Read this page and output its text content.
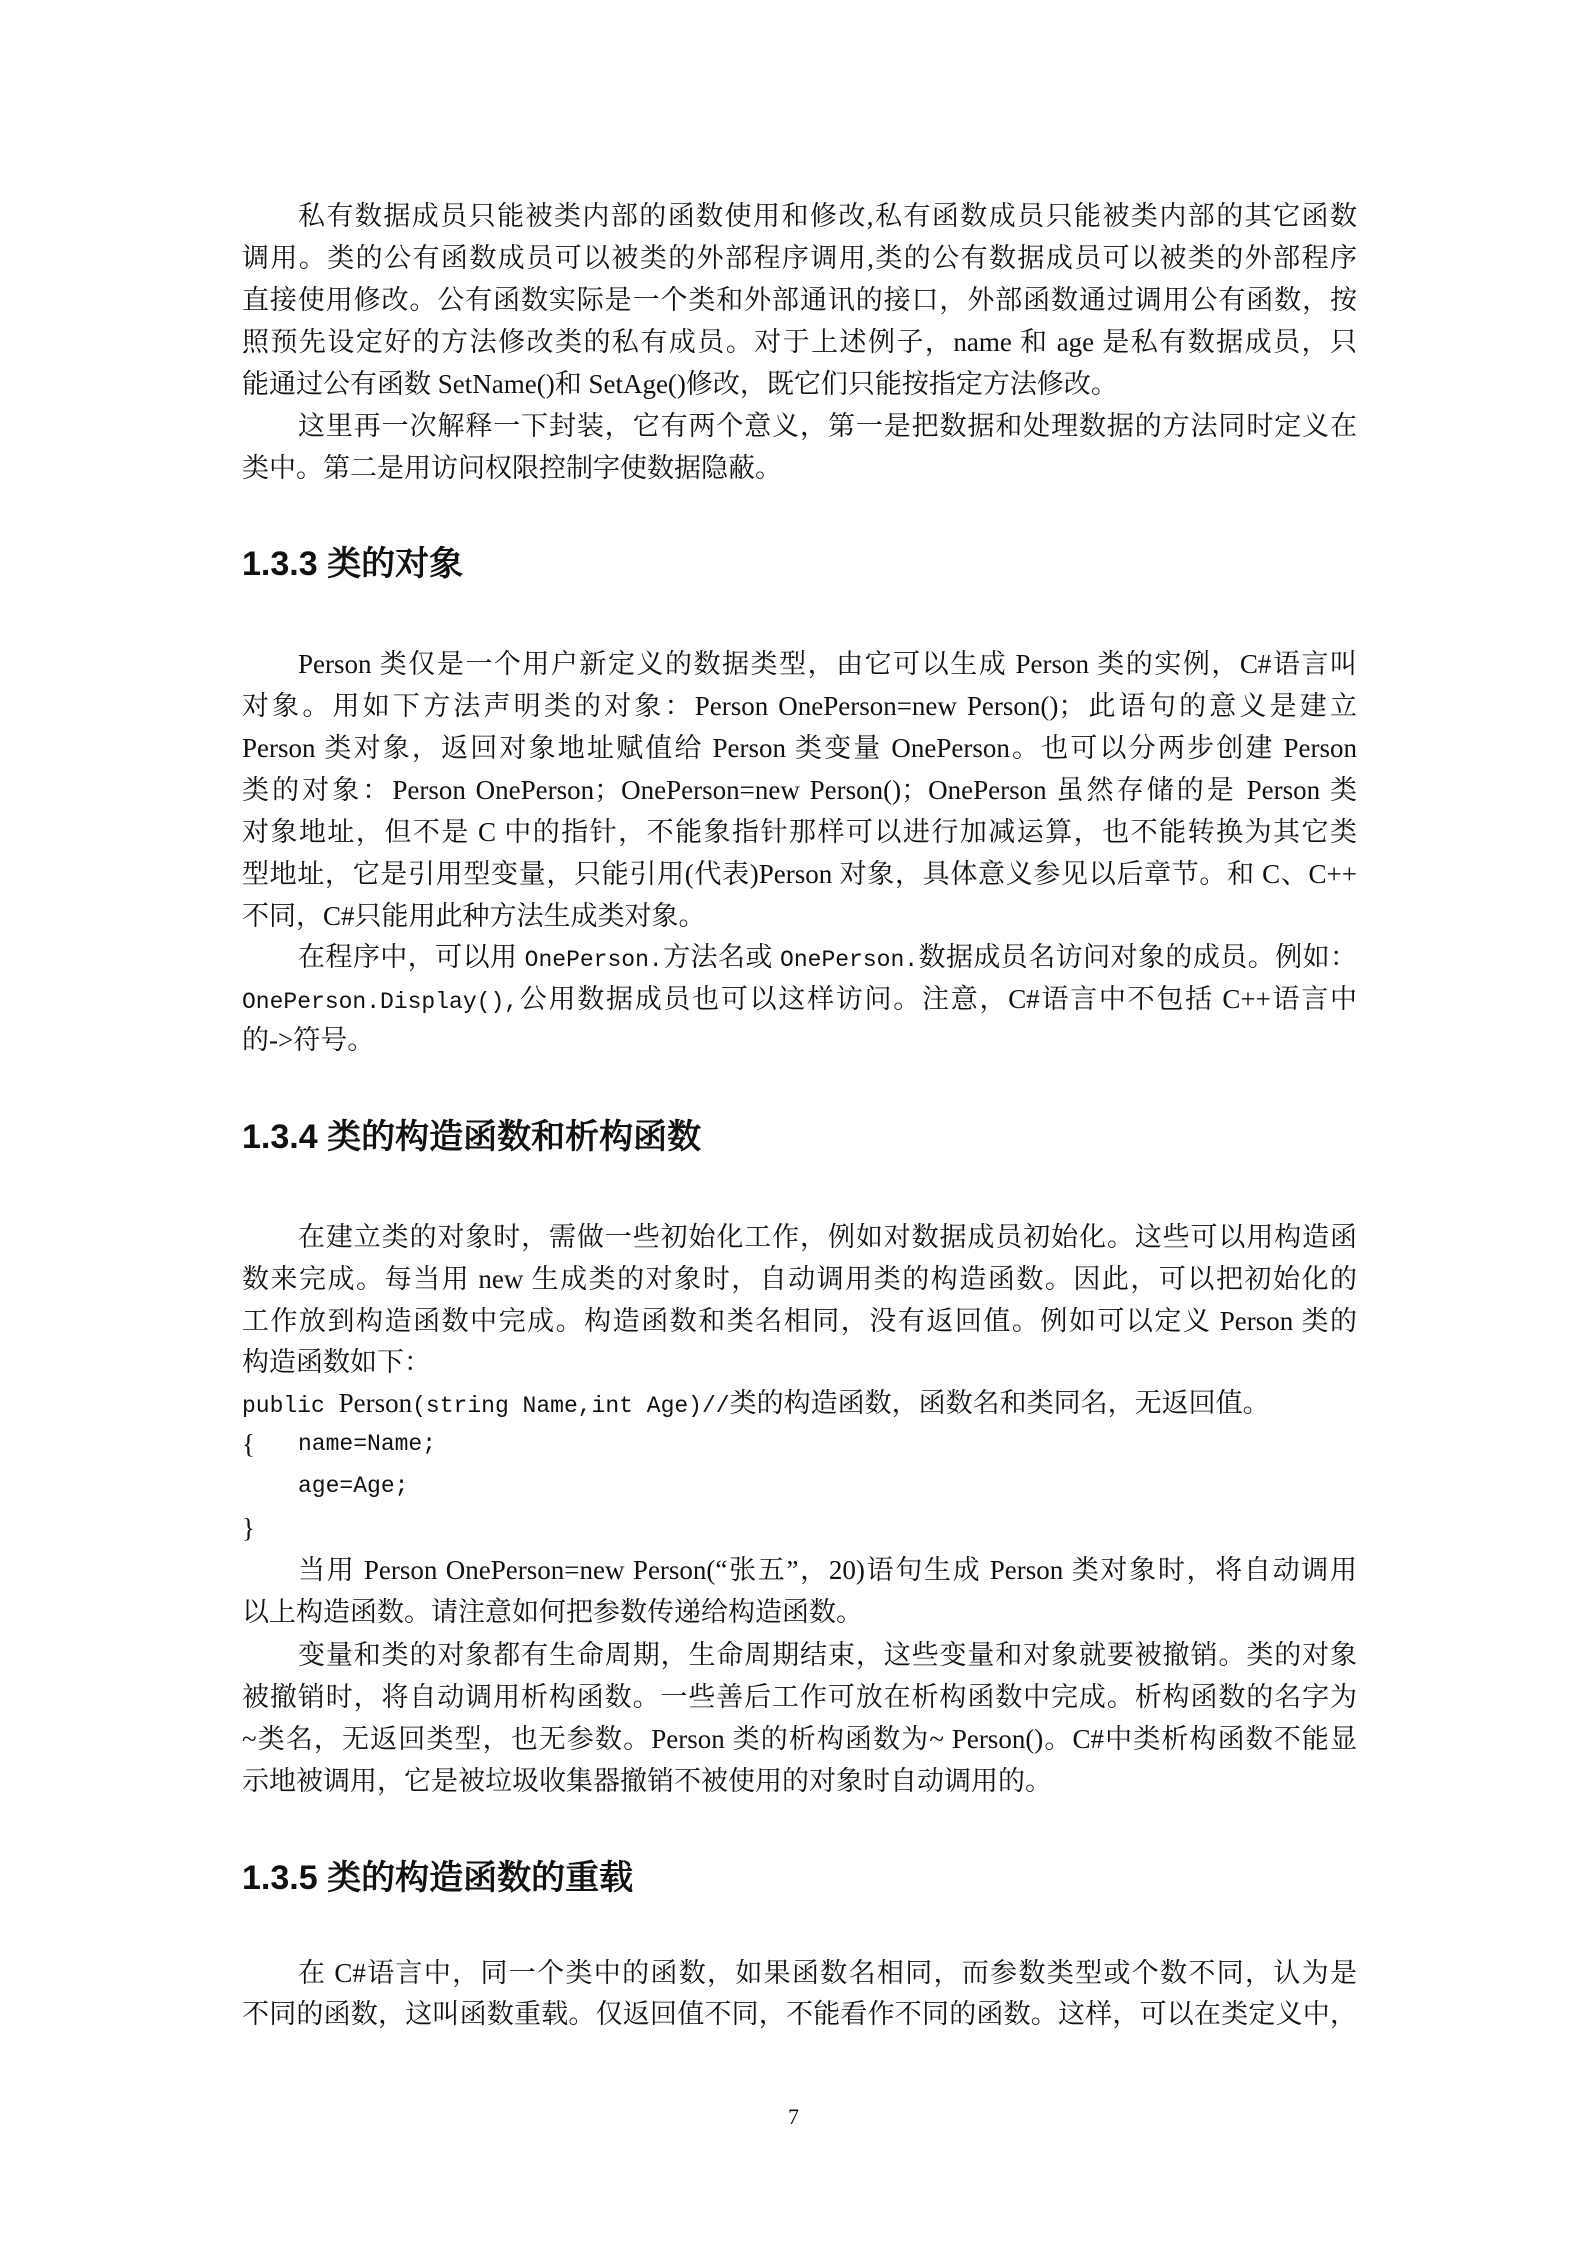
私有数据成员只能被类内部的函数使用和修改,私有函数成员只能被类内部的其它函数
调用。类的公有函数成员可以被类的外部程序调用,类的公有数据成员可以被类的外部程序
直接使用修改。公有函数实际是一个类和外部通讯的接口，外部函数通过调用公有函数，按
照预先设定好的方法修改类的私有成员。对于上述例子，name 和 age 是私有数据成员，只
能通过公有函数 SetName()和 SetAge()修改，既它们只能按指定方法修改。
这里再一次解释一下封装，它有两个意义，第一是把数据和处理数据的方法同时定义在
类中。第二是用访问权限控制字使数据隐蔽。
1.3.3 类的对象
Person 类仅是一个用户新定义的数据类型，由它可以生成 Person 类的实例，C#语言叫
对象。用如下方法声明类的对象：Person OnePerson=new Person()；此语句的意义是建立
Person 类对象，返回对象地址赋值给 Person 类变量 OnePerson。也可以分两步创建 Person
类的对象：Person OnePerson；OnePerson=new Person()；OnePerson 虽然存储的是 Person 类
对象地址，但不是 C 中的指针，不能象指针那样可以进行加减运算，也不能转换为其它类
型地址，它是引用型变量，只能引用(代表)Person 对象，具体意义参见以后章节。和 C、C++
不同，C#只能用此种方法生成类对象。
在程序中，可以用 OnePerson.方法名或 OnePerson.数据成员名访问对象的成员。例如：
OnePerson.Display(),公用数据成员也可以这样访问。注意，C#语言中不包括 C++语言中
的->符号。
1.3.4 类的构造函数和析构函数
在建立类的对象时，需做一些初始化工作，例如对数据成员初始化。这些可以用构造函
数来完成。每当用 new 生成类的对象时，自动调用类的构造函数。因此，可以把初始化的
工作放到构造函数中完成。构造函数和类名相同，没有返回值。例如可以定义 Person 类的
构造函数如下：
public Person(string Name,int Age)//类的构造函数，函数名和类同名，无返回值。
{ name=Name;
age=Age;
}
当用 Person OnePerson=new Person(“张五”，20)语句生成 Person 类对象时，将自动调用
以上构造函数。请注意如何把参数传递给构造函数。
变量和类的对象都有生命周期，生命周期结束，这些变量和对象就要被撤销。类的对象
被撤销时，将自动调用析构函数。一些善后工作可放在析构函数中完成。析构函数的名字为
~类名，无返回类型，也无参数。Person 类的析构函数为~ Person()。C#中类析构函数不能显
示地被调用，它是被垃圾收集器撤销不被使用的对象时自动调用的。
1.3.5 类的构造函数的重载
在 C#语言中，同一个类中的函数，如果函数名相同，而参数类型或个数不同，认为是
不同的函数，这叫函数重载。仅返回值不同，不能看作不同的函数。这样，可以在类定义中，
7
